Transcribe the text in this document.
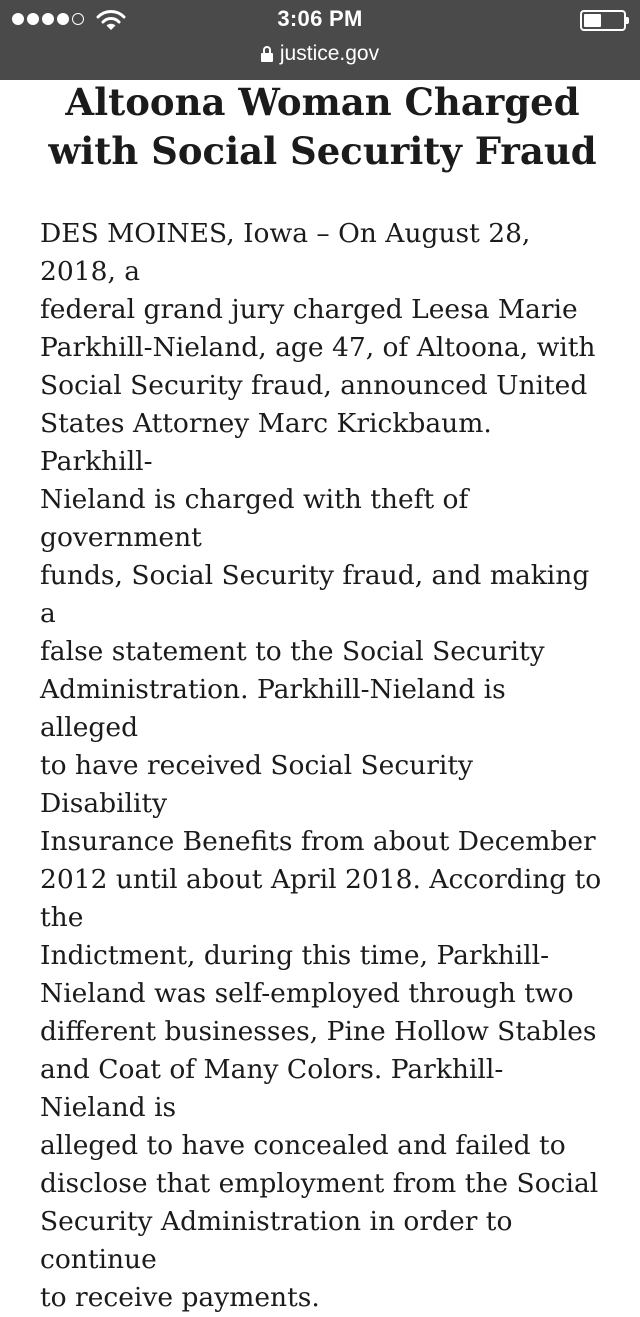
3:06 PM
justice.gov
Altoona Woman Charged
with Social Security Fraud

DES MOINES, Iowa – On August 28, 2018, a
federal grand jury charged Leesa Marie
Parkhill-Nieland, age 47, of Altoona, with
Social Security fraud, announced United
States Attorney Marc Krickbaum. Parkhill-
Nieland is charged with theft of government
funds, Social Security fraud, and making a
false statement to the Social Security
Administration. Parkhill-Nieland is alleged
to have received Social Security Disability
Insurance Benefits from about December
2012 until about April 2018. According to the
Indictment, during this time, Parkhill-
Nieland was self-employed through two
different businesses, Pine Hollow Stables
and Coat of Many Colors. Parkhill-Nieland is
alleged to have concealed and failed to
disclose that employment from the Social
Security Administration in order to continue
to receive payments.
